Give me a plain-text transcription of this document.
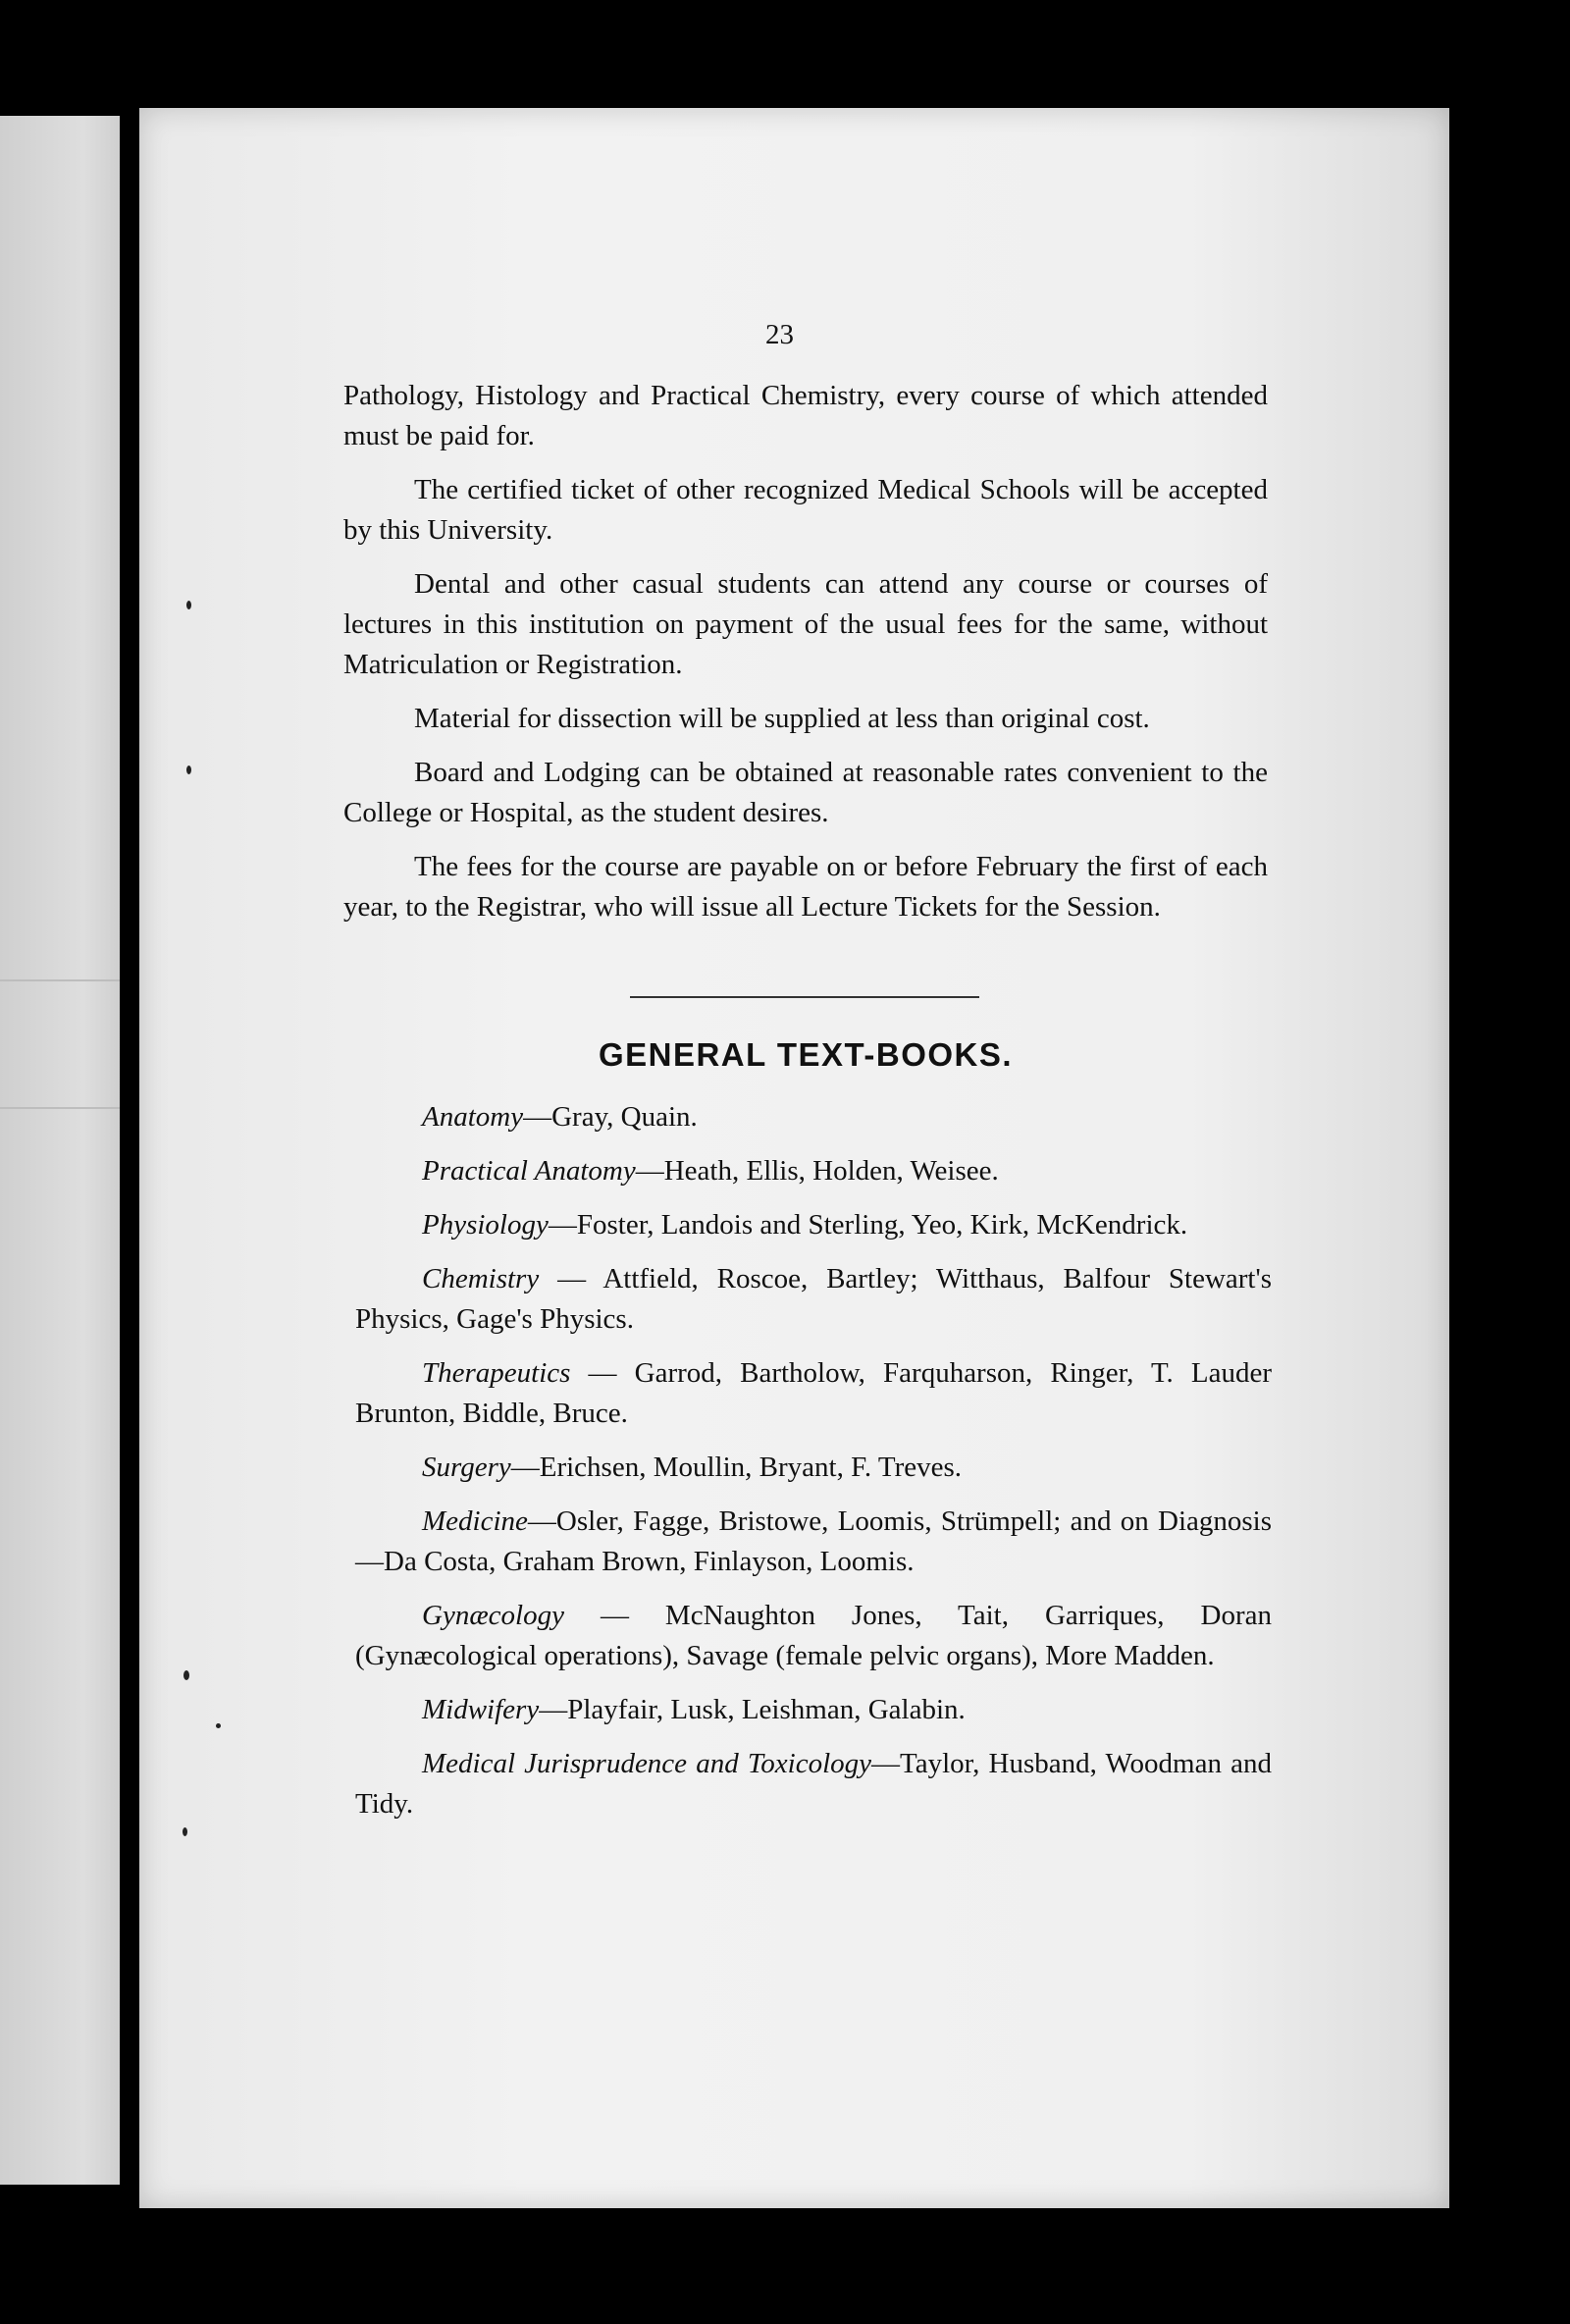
23

Pathology, Histology and Practical Chemistry, every course of which attended must be paid for.

The certified ticket of other recognized Medical Schools will be accepted by this University.

Dental and other casual students can attend any course or courses of lectures in this institution on payment of the usual fees for the same, without Matriculation or Registration.

Material for dissection will be supplied at less than original cost.

Board and Lodging can be obtained at reasonable rates convenient to the College or Hospital, as the student desires.

The fees for the course are payable on or before February the first of each year, to the Registrar, who will issue all Lecture Tickets for the Session.

GENERAL TEXT-BOOKS.

Anatomy—Gray, Quain.

Practical Anatomy—Heath, Ellis, Holden, Weisee.

Physiology—Foster, Landois and Sterling, Yeo, Kirk, McKendrick.

Chemistry — Attfield, Roscoe, Bartley; Witthaus, Balfour Stewart's Physics, Gage's Physics.

Therapeutics — Garrod, Bartholow, Farquharson, Ringer, T. Lauder Brunton, Biddle, Bruce.

Surgery—Erichsen, Moullin, Bryant, F. Treves.

Medicine—Osler, Fagge, Bristowe, Loomis, Strümpell; and on Diagnosis—Da Costa, Graham Brown, Finlayson, Loomis.

Gynæcology — McNaughton Jones, Tait, Garriques, Doran (Gynæcological operations), Savage (female pelvic organs), More Madden.

Midwifery—Playfair, Lusk, Leishman, Galabin.

Medical Jurisprudence and Toxicology—Taylor, Husband, Woodman and Tidy.
